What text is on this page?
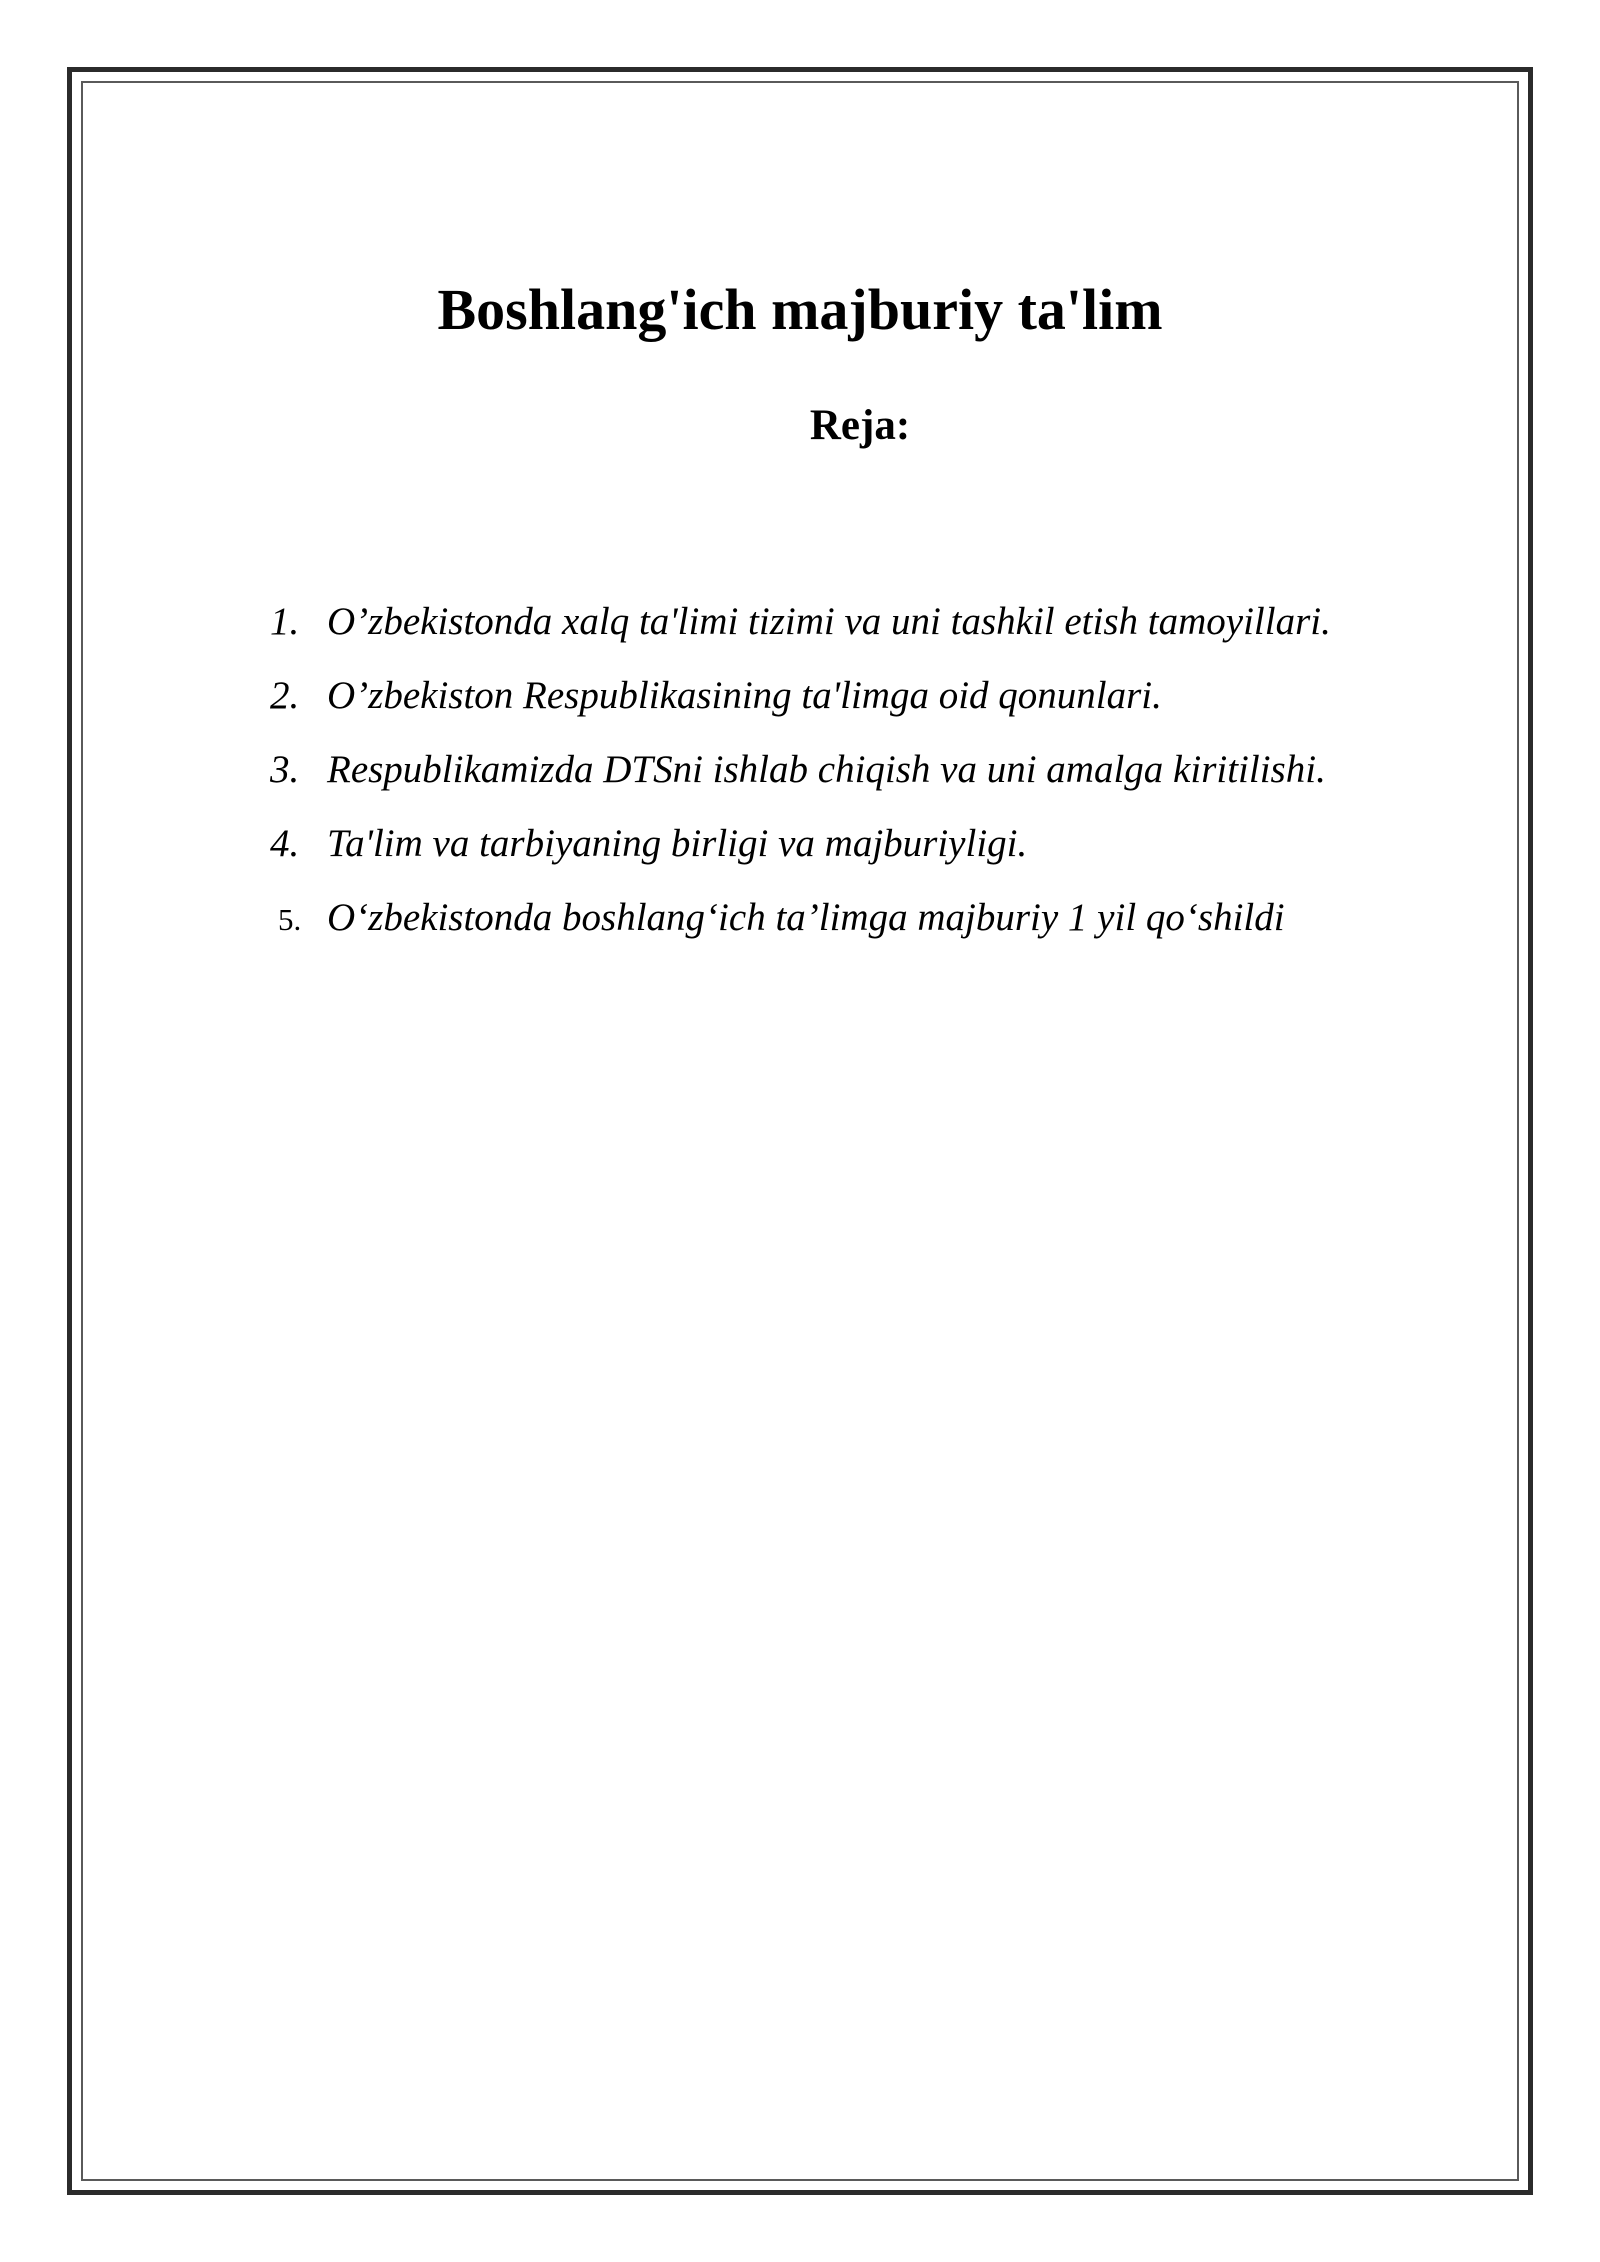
Boshlang'ich majburiy ta'lim
Reja:
1. O’zbekistonda xalq ta'limi tizimi va uni tashkil etish tamoyillari.
2. O’zbekiston Respublikasining ta'limga oid qonunlari.
3. Respublikamizda DTSni ishlab chiqish va uni amalga kiritilishi.
4. Ta'lim va tarbiyaning birligi va majburiyligi.
5. O‘zbekistonda boshlang‘ich ta’limga majburiy 1 yil qo‘shildi
